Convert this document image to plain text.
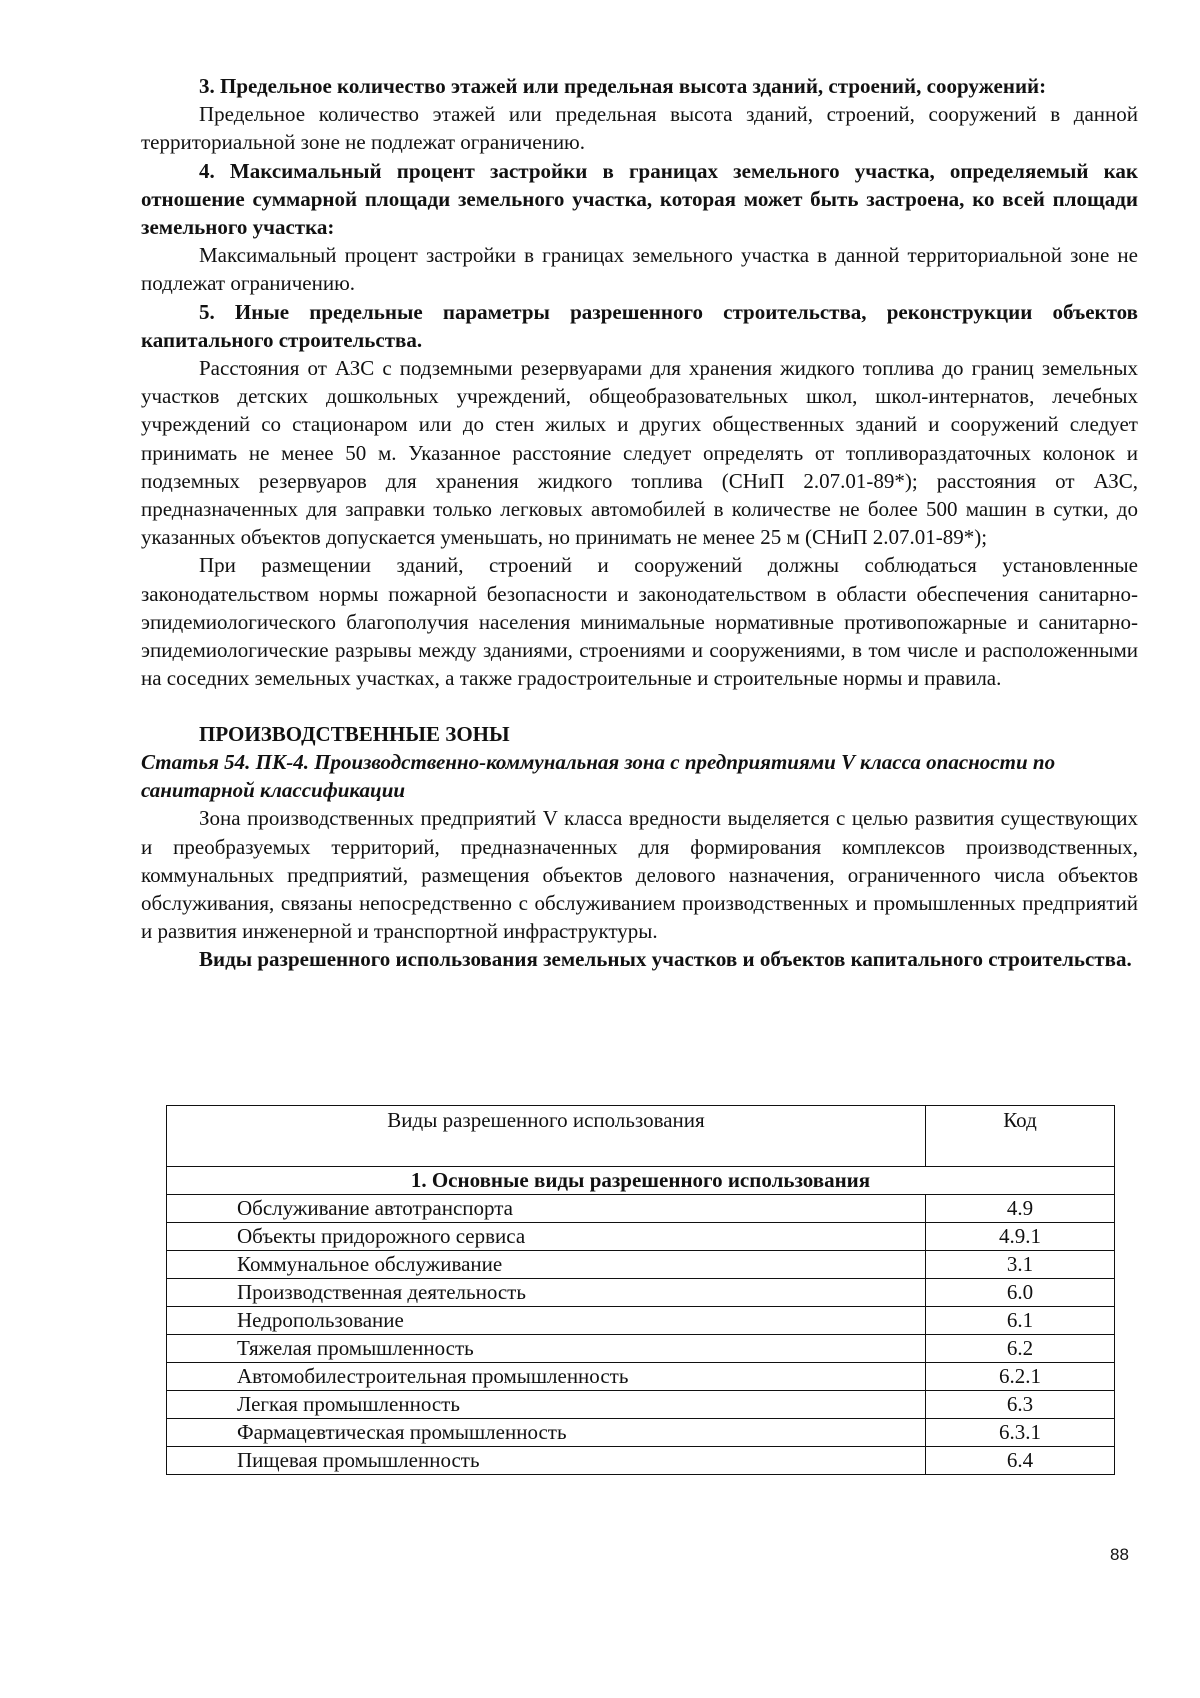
3. Предельное количество этажей или предельная высота зданий, строений, сооружений:

Предельное количество этажей или предельная высота зданий, строений, сооружений в данной территориальной зоне не подлежат ограничению.

4. Максимальный процент застройки в границах земельного участка, определяемый как отношение суммарной площади земельного участка, которая может быть застроена, ко всей площади земельного участка:

Максимальный процент застройки в границах земельного участка в данной территориальной зоне не подлежат ограничению.

5. Иные предельные параметры разрешенного строительства, реконструкции объектов капитального строительства.

Расстояния от АЗС с подземными резервуарами для хранения жидкого топлива до границ земельных участков детских дошкольных учреждений, общеобразовательных школ, школ-интернатов, лечебных учреждений со стационаром или до стен жилых и других общественных зданий и сооружений следует принимать не менее 50 м. Указанное расстояние следует определять от топливораздаточных колонок и подземных резервуаров для хранения жидкого топлива (СНиП 2.07.01-89*); расстояния от АЗС, предназначенных для заправки только легковых автомобилей в количестве не более 500 машин в сутки, до указанных объектов допускается уменьшать, но принимать не менее 25 м (СНиП 2.07.01-89*);

При размещении зданий, строений и сооружений должны соблюдаться установленные законодательством нормы пожарной безопасности и законодательством в области обеспечения санитарно-эпидемиологического благополучия населения минимальные нормативные противопожарные и санитарно-эпидемиологические разрывы между зданиями, строениями и сооружениями, в том числе и расположенными на соседних земельных участках, а также градостроительные и строительные нормы и правила.

ПРОИЗВОДСТВЕННЫЕ ЗОНЫ

Статья 54. ПК-4. Производственно-коммунальная зона с предприятиями V класса опасности по санитарной классификации

Зона производственных предприятий V класса вредности выделяется с целью развития существующих и преобразуемых территорий, предназначенных для формирования комплексов производственных, коммунальных предприятий, размещения объектов делового назначения, ограниченного числа объектов обслуживания, связаны непосредственно с обслуживанием производственных и промышленных предприятий и развития инженерной и транспортной инфраструктуры.

Виды разрешенного использования земельных участков и объектов капитального строительства.

Виды разрешенного использования	Код
1. Основные виды разрешенного использования	
Обслуживание автотранспорта	4.9
Объекты придорожного сервиса	4.9.1
Коммунальное обслуживание	3.1
Производственная деятельность	6.0
Недропользование	6.1
Тяжелая промышленность	6.2
Автомобилестроительная промышленность	6.2.1
Легкая промышленность	6.3
Фармацевтическая промышленность	6.3.1
Пищевая промышленность	6.4
88
